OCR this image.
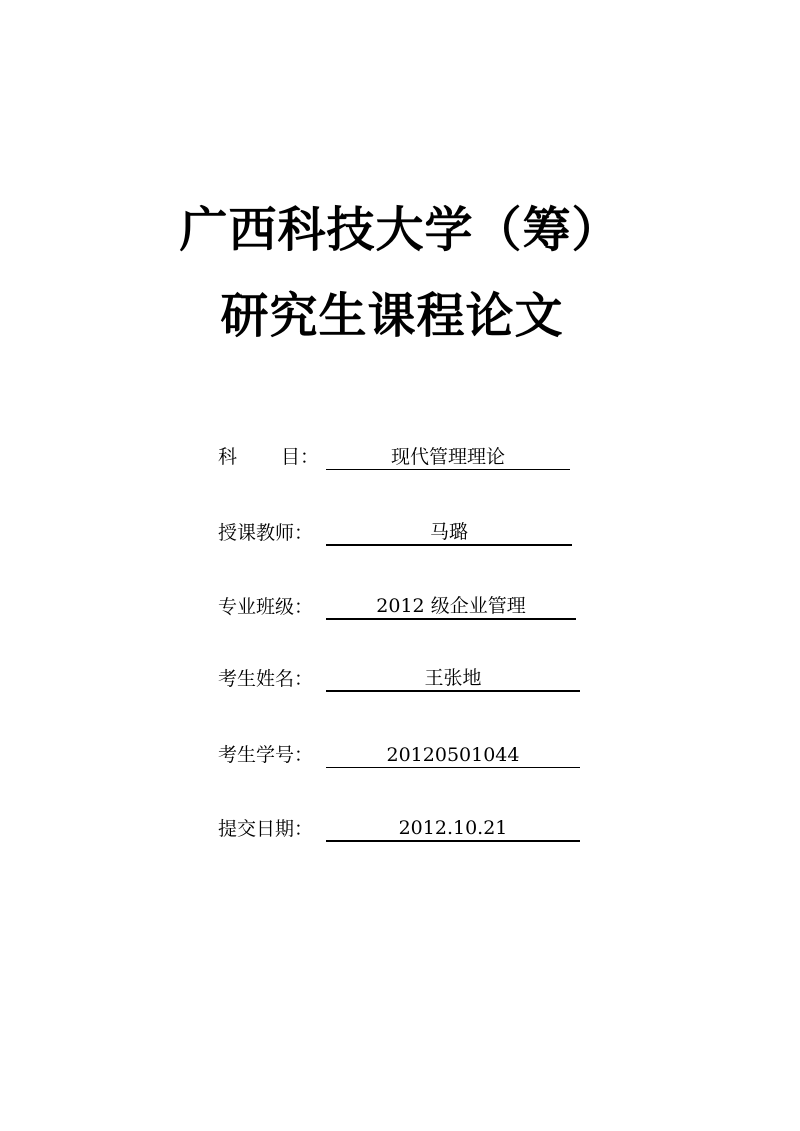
广西科技大学（筹）
研究生课程论文
科 目：	现代管理理论
授课教师：	马璐
专业班级：	2012 级企业管理
考生姓名：	王张地
考生学号：	20120501044
提交日期：	2012.10.21
